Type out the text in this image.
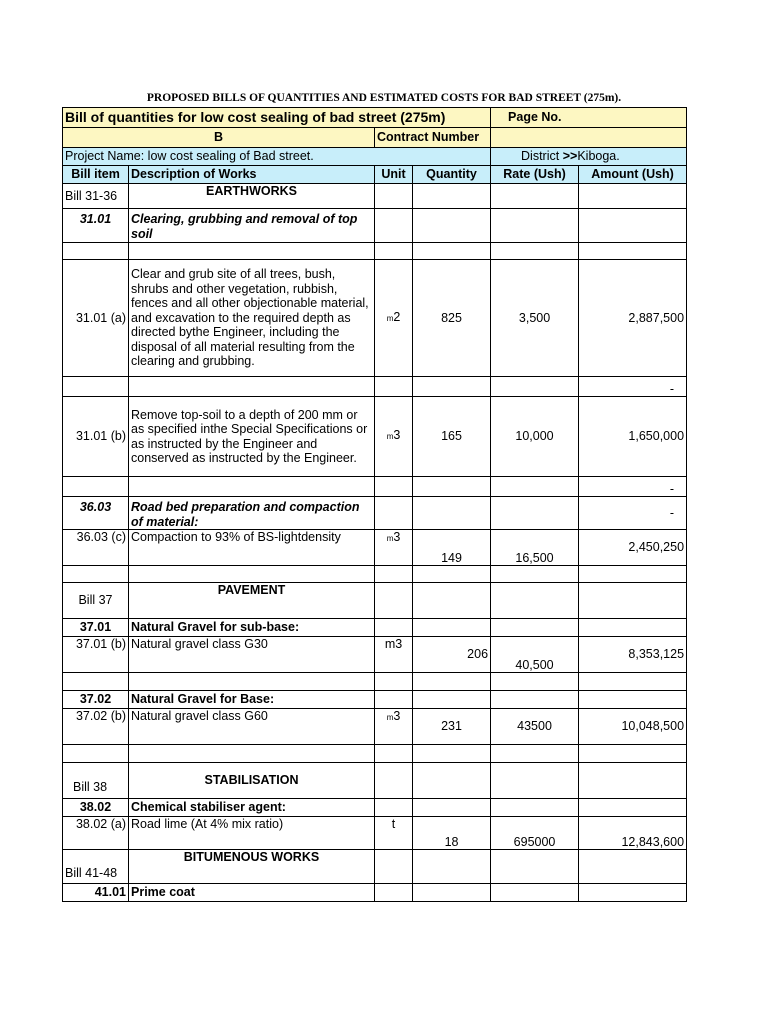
PROPOSED BILLS OF QUANTITIES AND ESTIMATED COSTS FOR BAD STREET (275m).
Bill of quantities for low cost sealing of bad street (275m)				Page No.	
B		Contract Number			
Project Name: low cost sealing of Bad street.				District >>Kiboga.	
Bill item	Description of Works	Unit	Quantity	Rate (Ush)	Amount (Ush)
Bill 31-36	EARTHWORKS				
31.01	Clearing, grubbing and removal of top soil				

31.01 (a)	Clear and grub site of all trees, bush, shrubs and other vegetation, rubbish, fences and all other objectionable material, and excavation to the required depth as directed bythe Engineer, including the disposal of all material resulting from the clearing and grubbing.	m2	825	3,500	2,887,500
					-
31.01 (b)	Remove top-soil to a depth of 200 mm or as specified inthe Special Specifications or as instructed by the Engineer and conserved as instructed by the Engineer.	m3	165	10,000	1,650,000
					-
36.03	Road bed preparation and compaction of material:				-
36.03 (c)	Compaction to 93% of BS-lightdensity	m3	149	16,500	2,450,250

Bill 37	PAVEMENT				
37.01	Natural Gravel for sub-base:				
37.01 (b)	Natural gravel class G30	m3	206	40,500	8,353,125

37.02	Natural Gravel for Base:				
37.02 (b)	Natural gravel class G60	m3	231	43500	10,048,500

Bill 38	STABILISATION				
38.02	Chemical stabiliser agent:				
38.02 (a)	Road lime (At 4% mix ratio)	t	18	695000	12,843,600
Bill 41-48	BITUMENOUS WORKS				
41.01	Prime coat				
